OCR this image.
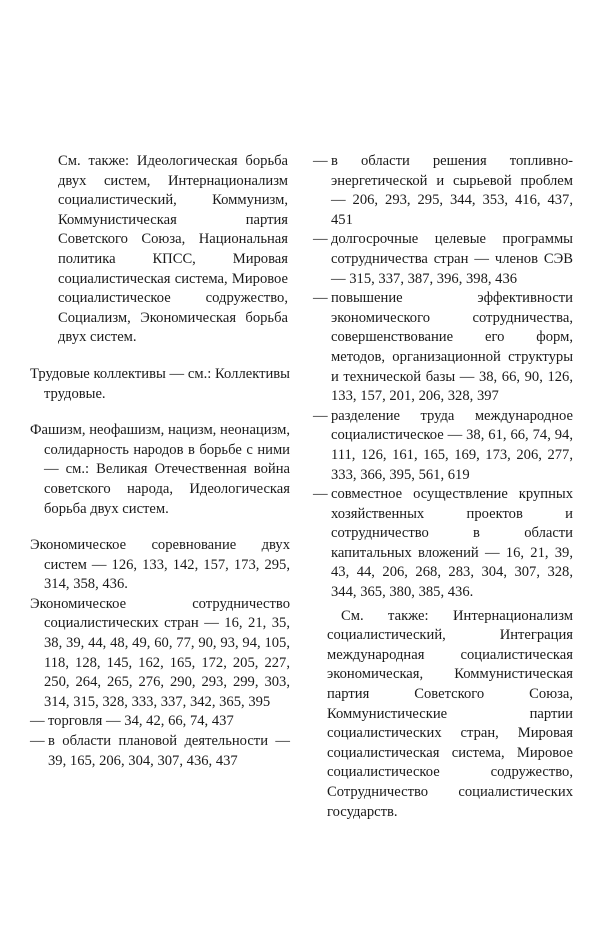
См. также: Идеологическая борьба двух систем, Интернационализм социалистический, Коммунизм, Коммунистическая партия Советского Союза, Национальная политика КПСС, Мировая социалистическая система, Мировое социалистическое содружество, Социализм, Экономическая борьба двух систем.

Трудовые коллективы — см.: Коллективы трудовые.

Фашизм, неофашизм, нацизм, неонацизм, солидарность народов в борьбе с ними — см.: Великая Отечественная война советского народа, Идеологическая борьба двух систем.

Экономическое соревнование двух систем — 126, 133, 142, 157, 173, 295, 314, 358, 436.

Экономическое сотрудничество социалистических стран — 16, 21, 35, 38, 39, 44, 48, 49, 60, 77, 90, 93, 94, 105, 118, 128, 145, 162, 165, 172, 205, 227, 250, 264, 265, 276, 290, 293, 299, 303, 314, 315, 328, 333, 337, 342, 365, 395

— торговля — 34, 42, 66, 74, 437
— в области плановой деятельности — 39, 165, 206, 304, 307, 436, 437
— в области решения топливно-энергетической и сырьевой проблем — 206, 293, 295, 344, 353, 416, 437, 451
— долгосрочные целевые программы сотрудничества стран — членов СЭВ — 315, 337, 387, 396, 398, 436
— повышение эффективности экономического сотрудничества, совершенствование его форм, методов, организационной структуры и технической базы — 38, 66, 90, 126, 133, 157, 201, 206, 328, 397
— разделение труда международное социалистическое — 38, 61, 66, 74, 94, 111, 126, 161, 165, 169, 173, 206, 277, 333, 366, 395, 561, 619
— совместное осуществление крупных хозяйственных проектов и сотрудничество в области капитальных вложений — 16, 21, 39, 43, 44, 206, 268, 283, 304, 307, 328, 344, 365, 380, 385, 436.

См. также: Интернационализм социалистический, Интеграция международная социалистическая экономическая, Коммунистическая партия Советского Союза, Коммунистические партии социалистических стран, Мировая социалистическая система, Мировое социалистическое содружество, Сотрудничество социалистических государств.
